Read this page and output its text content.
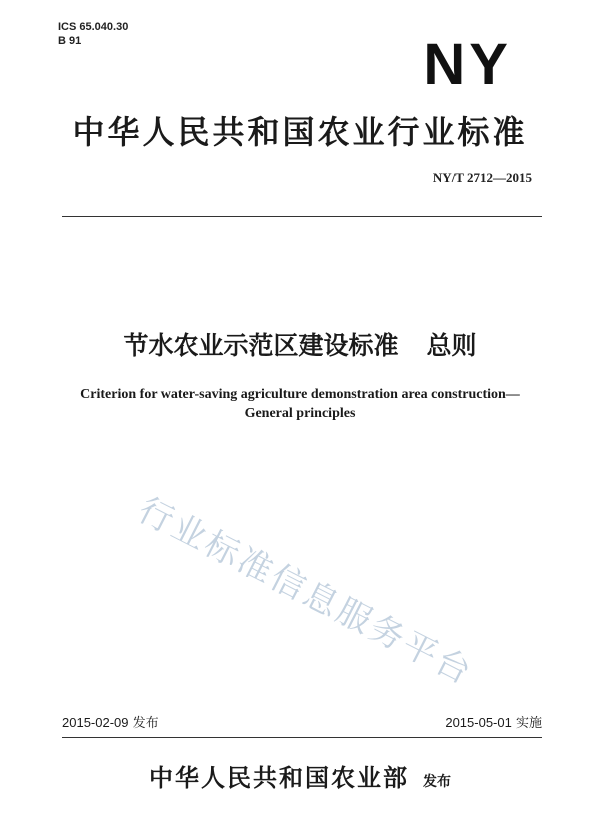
ICS 65.040.30
B 91	NY
中华人民共和国农业行业标准
NY/T 2712—2015
节水农业示范区建设标准 总则
Criterion for water-saving agriculture demonstration area construction—
General principles
行业标准信息服务平台
2015-02-09 发布	2015-05-01 实施
中华人民共和国农业部 发布
